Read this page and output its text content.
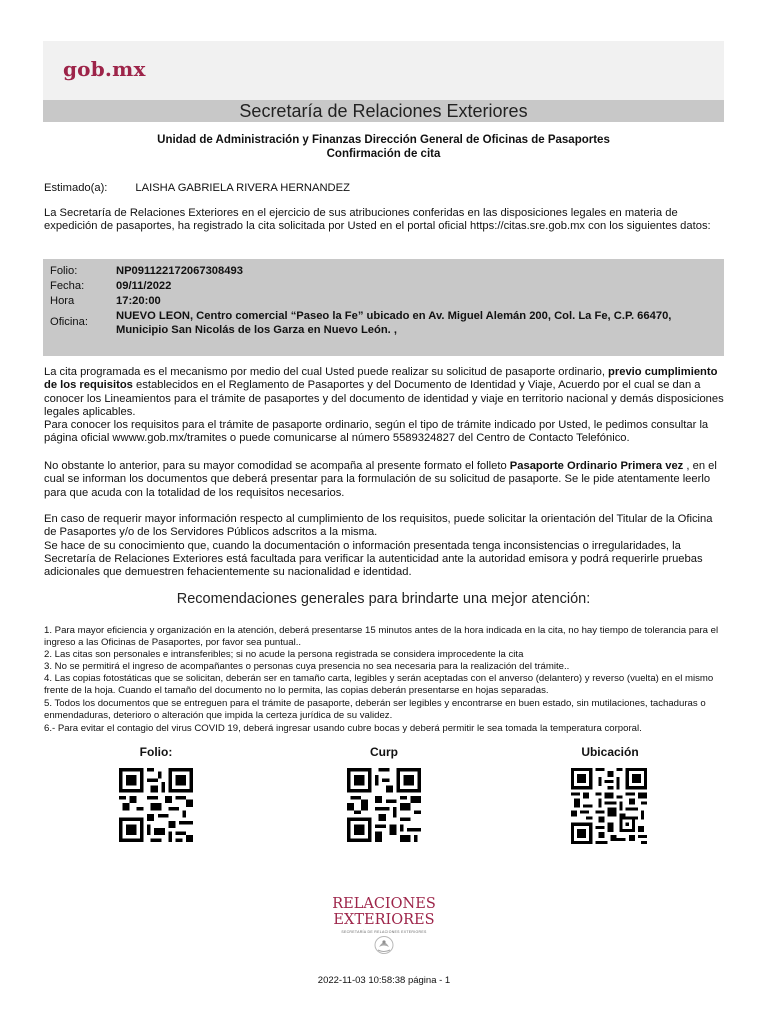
gob.mx
Secretaría de Relaciones Exteriores
Unidad de Administración y Finanzas Dirección General de Oficinas de Pasaportes
Confirmación de cita
Estimado(a):	LAISHA GABRIELA RIVERA HERNANDEZ
La Secretaría de Relaciones Exteriores en el ejercicio de sus atribuciones conferidas en las disposiciones legales en materia de expedición de pasaportes, ha registrado la cita solicitada por Usted en el portal oficial https://citas.sre.gob.mx con los siguientes datos:
Folio:	NP091122172067308493
Fecha:	09/11/2022
Hora	17:20:00
Oficina:	NUEVO LEON, Centro comercial “Paseo la Fe” ubicado en Av. Miguel Alemán 200, Col. La Fe, C.P. 66470, Municipio San Nicolás de los Garza en Nuevo León. ,
La cita programada es el mecanismo por medio del cual Usted puede realizar su solicitud de pasaporte ordinario, previo cumplimiento de los requisitos establecidos en el Reglamento de Pasaportes y del Documento de Identidad y Viaje, Acuerdo por el cual se dan a conocer los Lineamientos para el trámite de pasaportes y del documento de identidad y viaje en territorio nacional y demás disposiciones legales aplicables.
Para conocer los requisitos para el trámite de pasaporte ordinario, según el tipo de trámite indicado por Usted, le pedimos consultar la página oficial wwww.gob.mx/tramites o puede comunicarse al número 5589324827 del Centro de Contacto Telefónico.
No obstante lo anterior, para su mayor comodidad se acompaña al presente formato el folleto Pasaporte Ordinario Primera vez , en el cual se informan los documentos que deberá presentar para la formulación de su solicitud de pasaporte. Se le pide atentamente leerlo para que acuda con la totalidad de los requisitos necesarios.
En caso de requerir mayor información respecto al cumplimiento de los requisitos, puede solicitar la orientación del Titular de la Oficina de Pasaportes y/o de los Servidores Públicos adscritos a la misma.
Se hace de su conocimiento que, cuando la documentación o información presentada tenga inconsistencias o irregularidades, la Secretaría de Relaciones Exteriores está facultada para verificar la autenticidad ante la autoridad emisora y podrá requerirle pruebas adicionales que demuestren fehacientemente su nacionalidad e identidad.
Recomendaciones generales para brindarte una mejor atención:

1. Para mayor eficiencia y organización en la atención, deberá presentarse 15 minutos antes de la hora indicada en la cita, no hay tiempo de tolerancia para el ingreso a las Oficinas de Pasaportes, por favor sea puntual..

2. Las citas son personales e intransferibles; si no acude la persona registrada se considera improcedente la cita

3. No se permitirá el ingreso de acompañantes o personas cuya presencia no sea necesaria para la realización del trámite..

4. Las copias fotostáticas que se solicitan, deberán ser en tamaño carta, legibles y serán aceptadas con el anverso (delantero) y reverso (vuelta) en el mismo frente de la hoja. Cuando el tamaño del documento no lo permita, las copias deberán presentarse en hojas separadas.

5. Todos los documentos que se entreguen para el trámite de pasaporte, deberán ser legibles y encontrarse en buen estado, sin mutilaciones, tachaduras o enmendaduras, deterioro o alteración que impida la certeza jurídica de su validez.

6.- Para evitar el contagio del virus COVID 19, deberá ingresar usando cubre bocas y deberá permitir le sea tomada la temperatura corporal.

Folio:	Curp	Ubicación
RELACIONES
EXTERIORES
SECRETARÍA DE RELACIONES EXTERIORES
2022-11-03 10:58:38 página - 1
